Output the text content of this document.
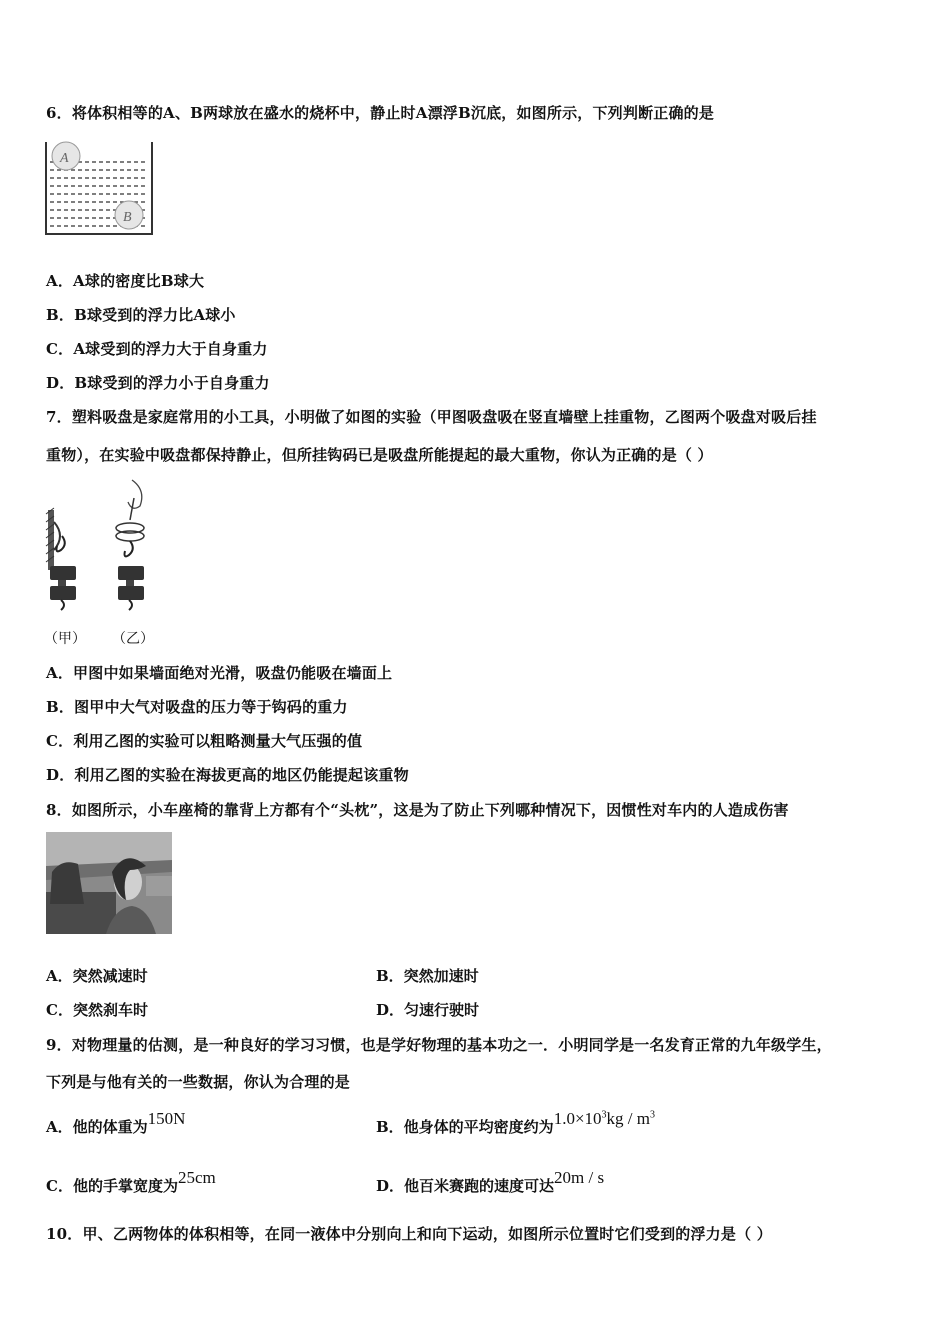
6．将体积相等的A、B两球放在盛水的烧杯中，静止时A漂浮B沉底，如图所示，下列判断正确的是
A
B
A．A球的密度比B球大
B．B球受到的浮力比A球小
C．A球受到的浮力大于自身重力
D．B球受到的浮力小于自身重力
7．塑料吸盘是家庭常用的小工具，小明做了如图的实验（甲图吸盘吸在竖直墙壁上挂重物，乙图两个吸盘对吸后挂
重物），在实验中吸盘都保持静止，但所挂钩码已是吸盘所能提起的最大重物，你认为正确的是（ ）
（甲） （乙）
A．甲图中如果墙面绝对光滑，吸盘仍能吸在墙面上
B．图甲中大气对吸盘的压力等于钩码的重力
C．利用乙图的实验可以粗略测量大气压强的值
D．利用乙图的实验在海拔更高的地区仍能提起该重物
8．如图所示，小车座椅的靠背上方都有个“头枕”，这是为了防止下列哪种情况下，因惯性对车内的人造成伤害
A．突然减速时	B．突然加速时
C．突然刹车时	D．匀速行驶时
9．对物理量的估测，是一种良好的学习习惯，也是学好物理的基本功之一．小明同学是一名发育正常的九年级学生，
下列是与他有关的一些数据，你认为合理的是
A．他的体重为150N	B．他身体的平均密度约为$1.0\times 10^3kg / m^3$
C．他的手掌宽度为25cm	D．他百米赛跑的速度可达20m / s
10．甲、乙两物体的体积相等，在同一液体中分别向上和向下运动，如图所示位置时它们受到的浮力是（ ）
